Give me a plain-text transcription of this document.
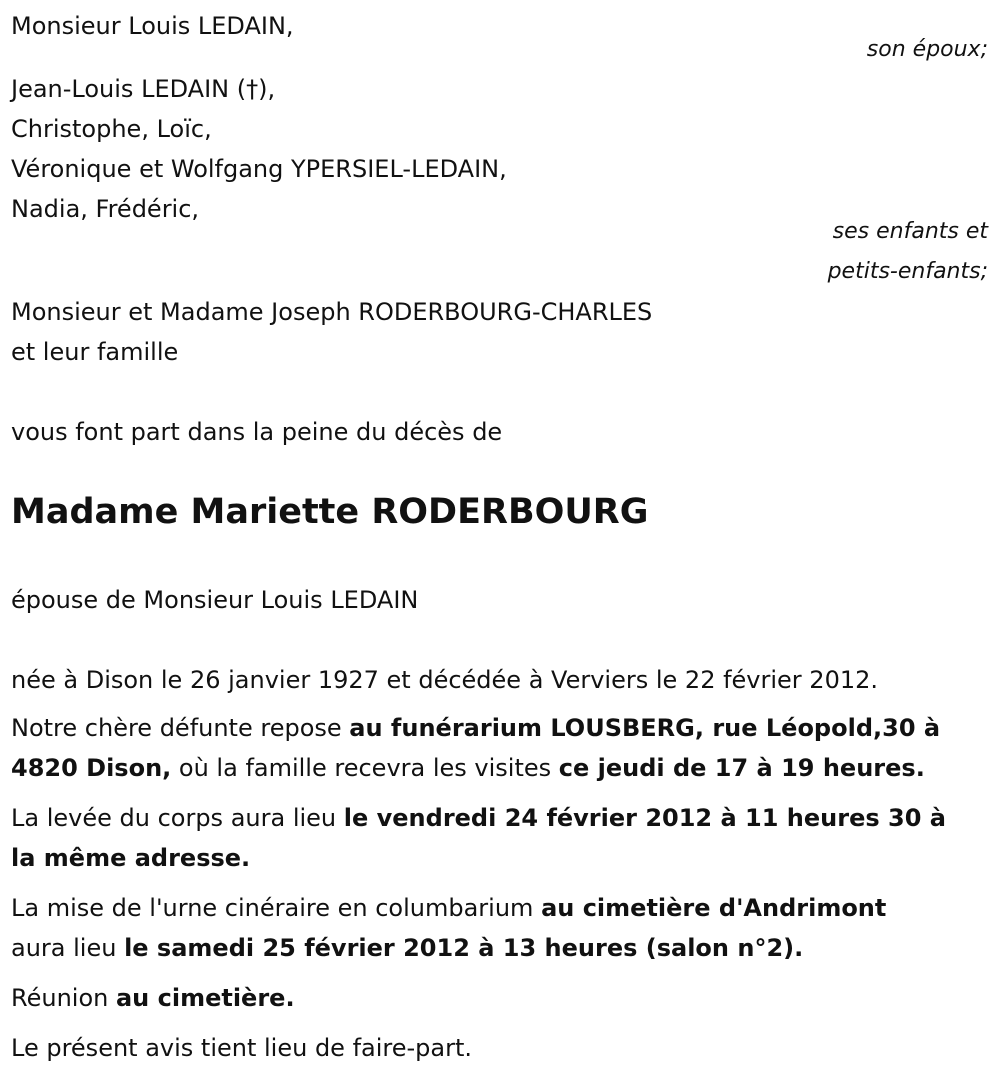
Monsieur Louis LEDAIN,
son époux;
Jean-Louis LEDAIN (†),
Christophe, Loïc,
Véronique et Wolfgang YPERSIEL-LEDAIN,
Nadia, Frédéric,
ses enfants et
petits-enfants;
Monsieur et Madame Joseph RODERBOURG-CHARLES
et leur famille
vous font part dans la peine du décès de
Madame Mariette RODERBOURG
épouse de Monsieur Louis LEDAIN
née à Dison le 26 janvier 1927 et décédée à Verviers le 22 février 2012.
Notre chère défunte repose au funérarium LOUSBERG, rue Léopold,30 à
4820 Dison, où la famille recevra les visites ce jeudi de 17 à 19 heures.
La levée du corps aura lieu le vendredi 24 février 2012 à 11 heures 30 à
la même adresse.
La mise de l'urne cinéraire en columbarium au cimetière d'Andrimont
aura lieu le samedi 25 février 2012 à 13 heures (salon n°2).
Réunion au cimetière.
Le présent avis tient lieu de faire-part.
